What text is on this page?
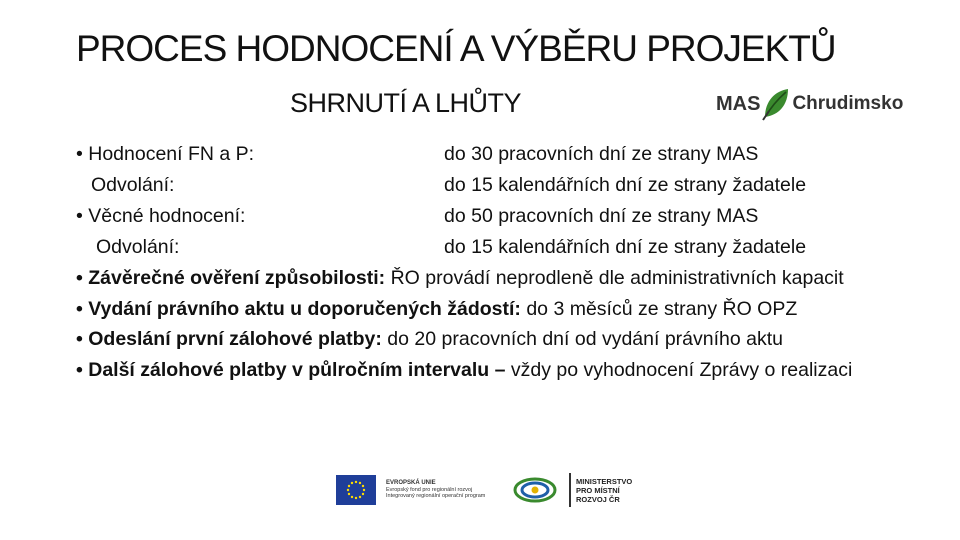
PROCES HODNOCENÍ A VÝBĚRU PROJEKTŮ
SHRNUTÍ A LHŮTY	MAS Chrudimsko
• Hodnocení FN a P:	do 30 pracovních dní ze strany MAS
Odvolání:	do 15 kalendářních dní ze strany žadatele
• Věcné hodnocení:	do 50 pracovních dní ze strany MAS
Odvolání:	do 15 kalendářních dní ze strany žadatele
• Závěrečné ověření způsobilosti: ŘO provádí neprodleně dle administrativních kapacit
• Vydání právního aktu u doporučených žádostí: do 3 měsíců ze strany ŘO OPZ
• Odeslání první zálohové platby: do 20 pracovních dní od vydání právního aktu
• Další zálohové platby v půlročním intervalu – vždy po vyhodnocení Zprávy o realizaci
EVROPSKÁ UNIE
Evropský fond pro regionální rozvoj
Integrovaný regionální operační program
MINISTERSTVO
PRO MÍSTNÍ
ROZVOJ ČR
